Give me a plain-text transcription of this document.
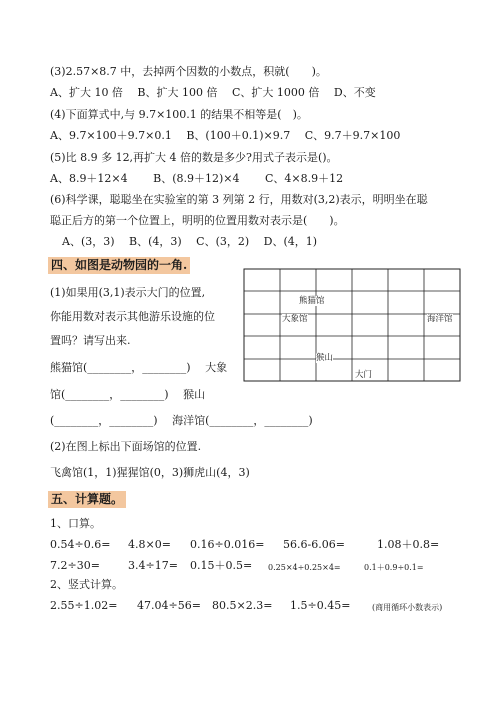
(3)2.57×8.7 中，去掉两个因数的小数点，积就(　　)。
A、扩大 10 倍　 B、扩大 100 倍　 C、扩大 1000 倍　 D、不变
(4)下面算式中,与 9.7×100.1 的结果不相等是(　)。
A、9.7×100＋9.7×0.1　 B、(100＋0.1)×9.7　 C、9.7＋9.7×100
(5)比 8.9 多 12,再扩大 4 倍的数是多少?用式子表示是()。
A、8.9＋12×4　　 B、(8.9＋12)×4　　 C、4×8.9＋12
(6)科学课，聪聪坐在实验室的第 3 列第 2 行，用数对(3,2)表示，明明坐在聪
聪正后方的第一个位置上，明明的位置用数对表示是(　　)。
A、(3，3)　 B、(4，3)　 C、(3，2)　 D、(4，1)
四、如图是动物园的一角.
(1)如果用(3,1)表示大门的位置,
你能用数对表示其他游乐设施的位
置吗？请写出来.
熊猫馆(________，________)　 大象
馆(________，________)　 猴山
(________，________)　 海洋馆(________，________)
(2)在图上标出下面场馆的位置.
飞禽馆(1，1)猩猩馆(0，3)狮虎山(4，3)
熊猫馆
大象馆	海洋馆
猴山
大门
五、计算题。
1、口算。
0.54÷0.6= 4.8×0= 0.16÷0.016= 56.6-6.06=	1.08＋0.8=
7.2÷30=	3.4÷17= 0.15＋0.5= 0.25×4÷0.25×4=	0.1＋0.9÷0.1=
2、竖式计算。
2.55÷1.02= 47.04÷56= 80.5×2.3= 1.5÷0.45=	(商用循环小数表示)
